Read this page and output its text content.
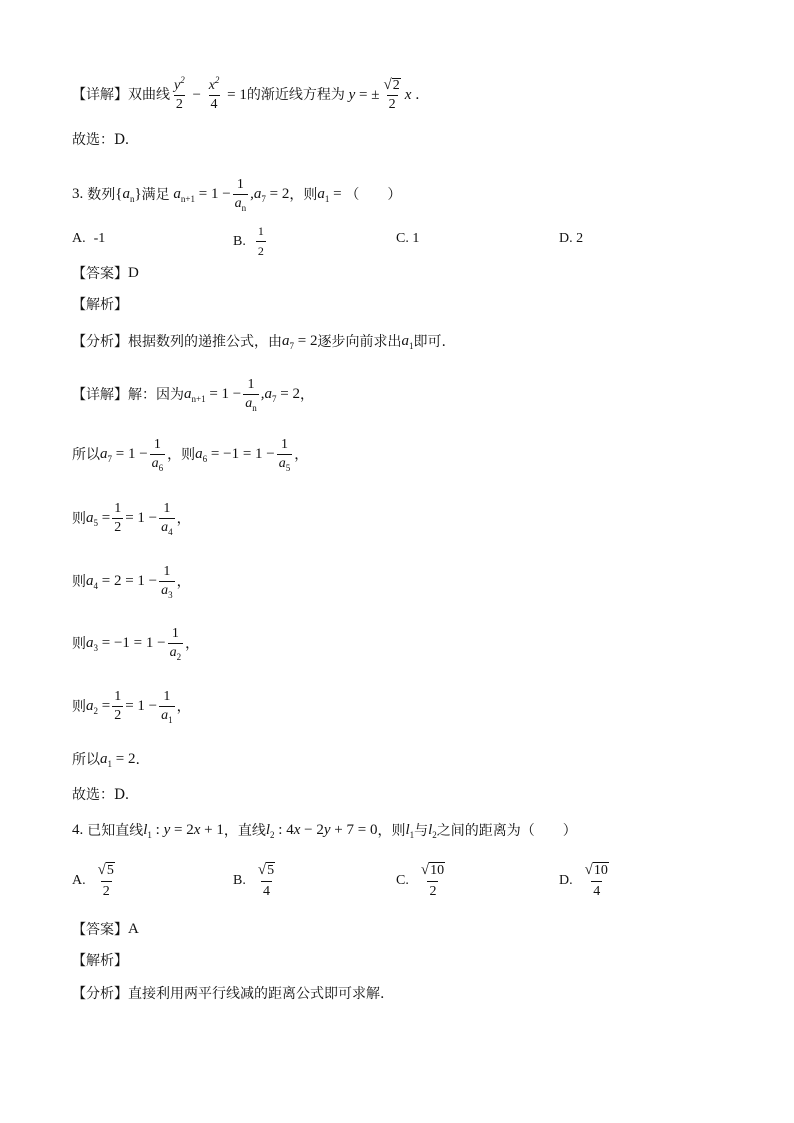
【详解】 双曲线 $\frac{y^2}{2} - \frac{x^2}{4} = 1$ 的渐近线方程为 y = ± $\frac{√ 2}{2}$ x
.
故选：D.
3. 数列 { $a_n$ } 满足 $a_{n+1} = 1 - \frac{1}{a_n}$ , $a_7 = 2$ ，则 $a_1$ = （　　）
A. -1	B. $\frac{1}{2}$	C. 1	D. 2
【答案】 D
【解析】
【分析】 根据数列的递推公式，由 $a_7 = 2$ 逐步向前求出 $a_1$ 即可.
【详解】 解：因为 $a_{n+1} = 1 - \frac{1}{a_n}$ , $a_7 = 2$ ，
所以 $a_7 = 1 - \frac{1}{a_6}$ ， 则 $a_6 = -1 = 1 - \frac{1}{a_5}$ ，
则 $a_5 = \frac{1}{2} = 1 - \frac{1}{a_4}$ ，
则 $a_4 = 2 = 1 - \frac{1}{a_3}$ ，
则 $a_3 = -1 = 1 - \frac{1}{a_2}$ ，
则 $a_2 = \frac{1}{2} = 1 - \frac{1}{a_1}$ ，
所以 $a_1 = 2$ .
故选：D.
4. 已知直线 $l_1$ : y = 2 x + 1 ，直线 $l_2$ : 4 x − 2 y + 7 = 0 ，则 $l_1$ 与 $l_2$ 之间的距离为（　　）
A. $\frac{√ 5}{2}$	B. $\frac{√ 5}{4}$	C. $\frac{√ 10}{2}$	D. $\frac{√ 10}{4}$
【答案】 A
【解析】
【分析】 直接利用两平行线减的距离公式即可求解.
